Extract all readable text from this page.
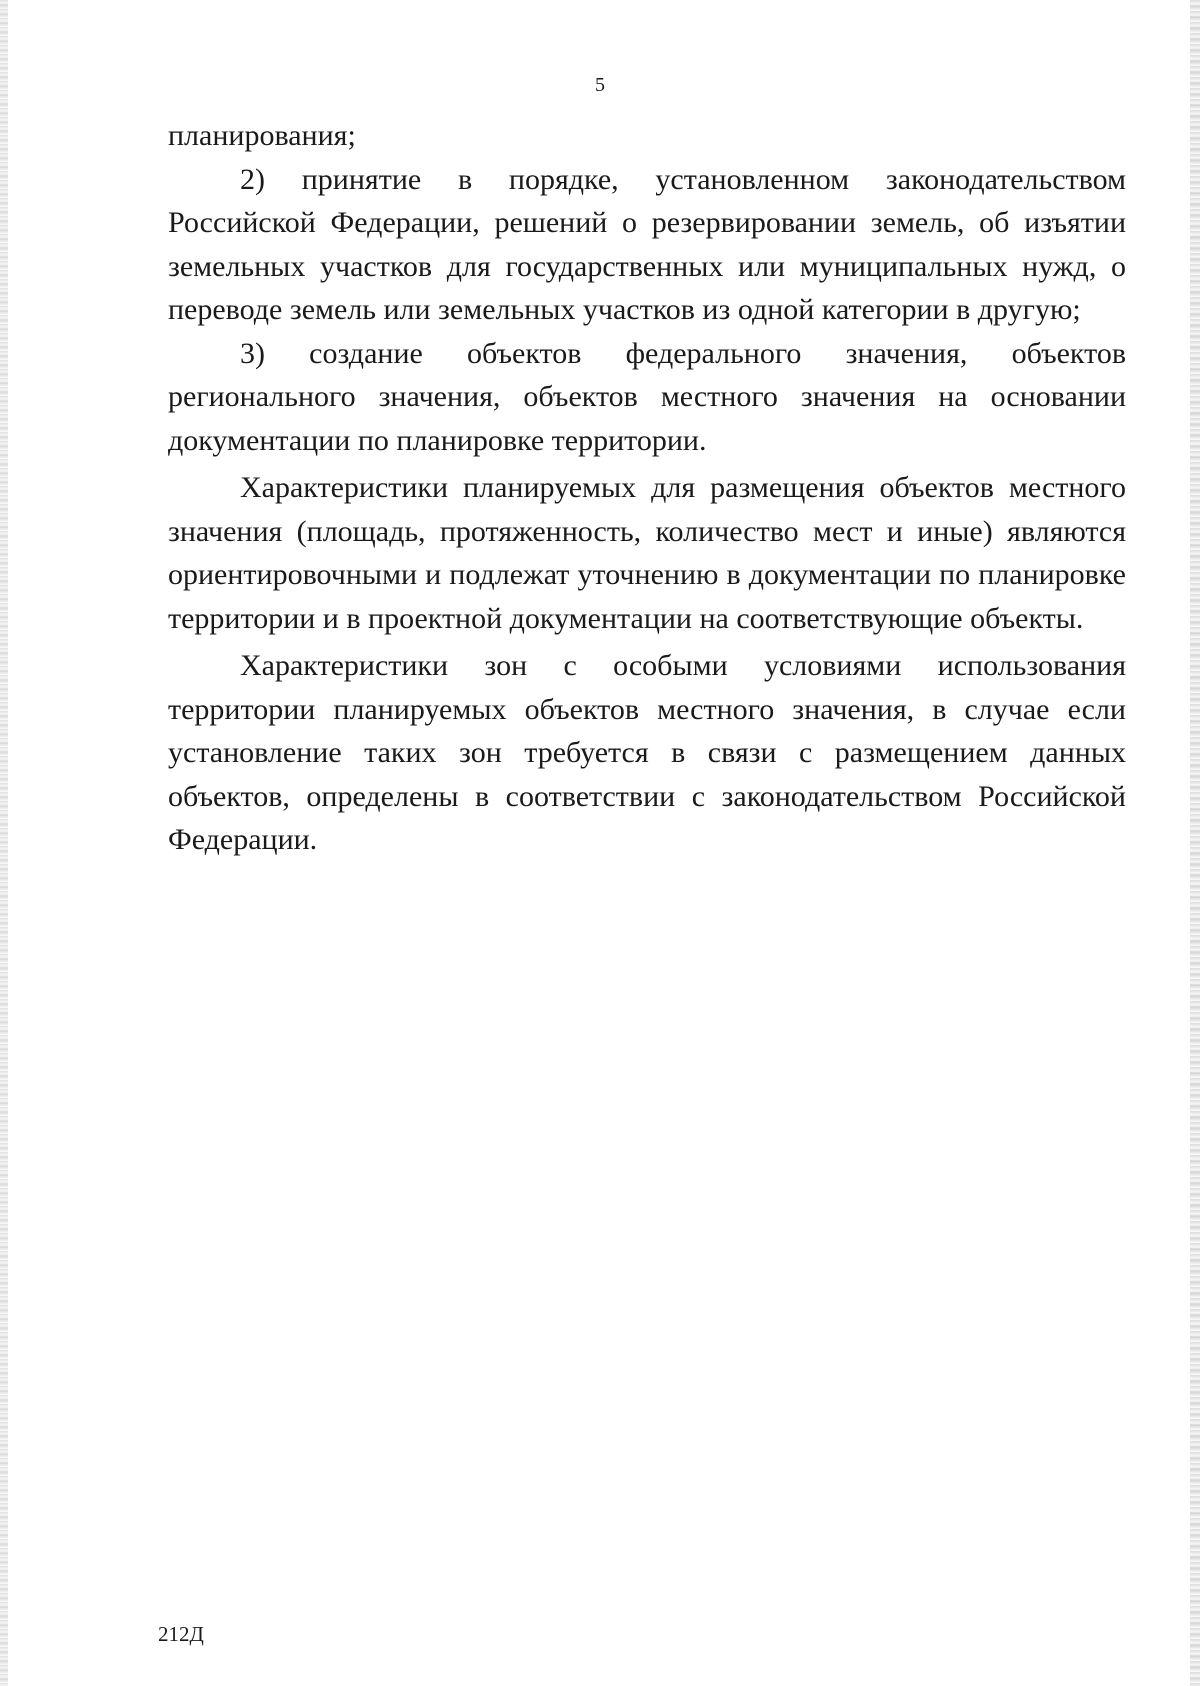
5

планирования;

2) принятие в порядке, установленном законодательством Российской Федерации, решений о резервировании земель, об изъятии земельных участков для государственных или муниципальных нужд, о переводе земель или земельных участков из одной категории в другую;

3) создание объектов федерального значения, объектов регионального значения, объектов местного значения на основании документации по планировке территории.

Характеристики планируемых для размещения объектов местного значения (площадь, протяженность, количество мест и иные) являются ориентировочными и подлежат уточнению в документации по планировке территории и в проектной документации на соответствующие объекты.

Характеристики зон с особыми условиями использования территории планируемых объектов местного значения, в случае если установление таких зон требуется в связи с размещением данных объектов, определены в соответствии с законодательством Российской Федерации.

212Д
